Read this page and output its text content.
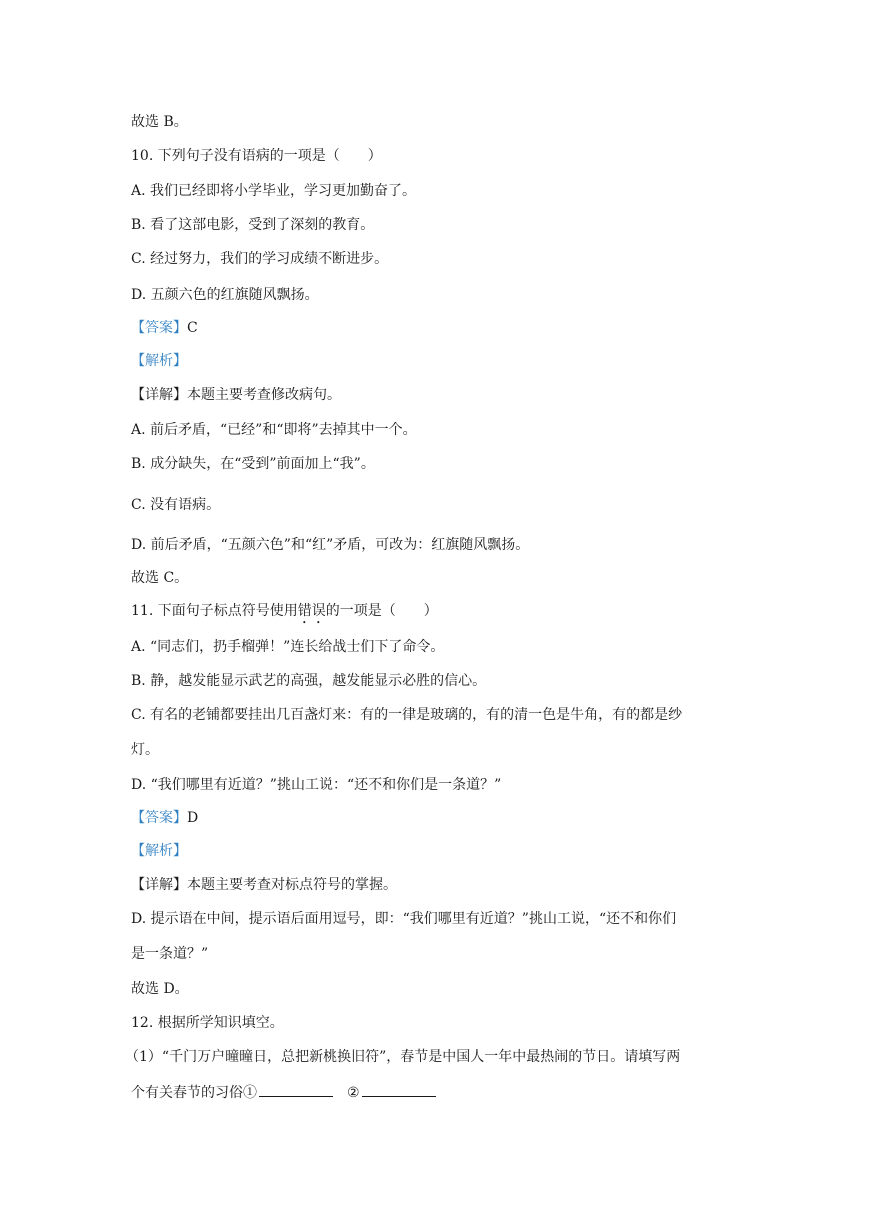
故选 B。
10. 下列句子没有语病的一项是（　　）
A. 我们已经即将小学毕业，学习更加勤奋了。
B. 看了这部电影，受到了深刻的教育。
C. 经过努力，我们的学习成绩不断进步。
D. 五颜六色的红旗随风飘扬。
【答案】C
【解析】
【详解】本题主要考查修改病句。
A. 前后矛盾，“已经”和“即将”去掉其中一个。
B. 成分缺失，在“受到”前面加上“我”。
C. 没有语病。
D. 前后矛盾，“五颜六色”和“红”矛盾，可改为：红旗随风飘扬。
故选 C。
11. 下面句子标点符号使用错误的一项是（　　）
A. “同志们，扔手榴弹！”连长给战士们下了命令。
B. 静，越发能显示武艺的高强，越发能显示必胜的信心。
C. 有名的老铺都要挂出几百盏灯来：有的一律是玻璃的，有的清一色是牛角，有的都是纱
灯。
D. “我们哪里有近道？”挑山工说：“还不和你们是一条道？”
【答案】D
【解析】
【详解】本题主要考查对标点符号的掌握。
D. 提示语在中间，提示语后面用逗号，即：“我们哪里有近道？”挑山工说，“还不和你们
是一条道？”
故选 D。
12. 根据所学知识填空。
（1）“千门万户曈曈日，总把新桃换旧符”，春节是中国人一年中最热闹的节日。请填写两
个有关春节的习俗①	②
